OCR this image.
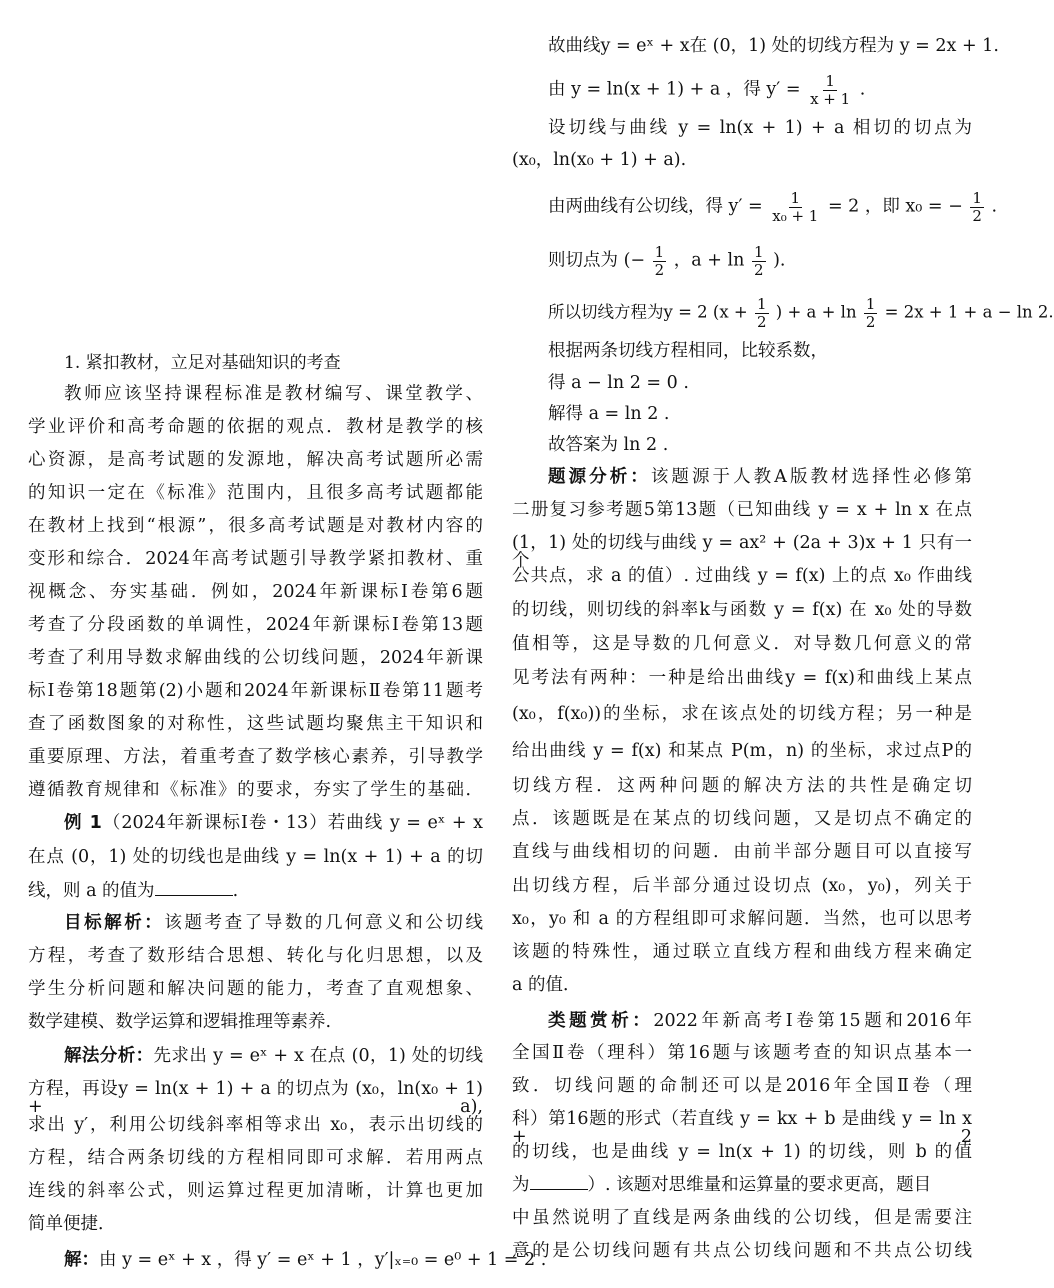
故曲线y = eˣ + x在 (0，1) 处的切线方程为 y = 2x + 1.
由 y = ln(x + 1) + a ，得 $y' = \frac{1}{x + 1}$ .
设切线与曲线 y = ln(x + 1) + a 相切的切点为
(x₀，ln(x₀ + 1) + a).
由两曲线有公切线，得 $y' = \frac{1}{\text{x₀ + 1}} = 2$ ，即 x₀ = − $\frac{1}{2}$ .
则切点为 (− $\frac{1}{2}$ ，$a + \ln \frac{1}{2}$ ).
所以切线方程为y = 2 ($x + \frac{1}{2}$ ) + $a + \ln \frac{1}{2} = 2x + 1 + a - \ln 2$.
根据两条切线方程相同，比较系数，
得 a − ln 2 = 0 .
解得 a = ln 2 .
故答案为 ln 2 .
题源分析：该题源于人教A版教材选择性必修第
二册复习参考题5第13题（已知曲线 y = x + ln x 在点
(1，1) 处的切线与曲线 y = ax² + (2a + 3)x + 1 只有一个
公共点，求 a 的值）. 过曲线 y = f(x) 上的点 x₀ 作曲线
的切线，则切线的斜率k与函数 y = f(x) 在 x₀ 处的导数
值相等，这是导数的几何意义．对导数几何意义的常
见考法有两种：一种是给出曲线y = f(x)和曲线上某点
(x₀，f(x₀))的坐标，求在该点处的切线方程；另一种是
给出曲线 y = f(x) 和某点 P(m，n) 的坐标，求过点P的
切线方程．这两种问题的解决方法的共性是确定切
点．该题既是在某点的切线问题，又是切点不确定的
直线与曲线相切的问题．由前半部分题目可以直接写
出切线方程，后半部分通过设切点 (x₀，y₀)，列关于
x₀，y₀ 和 a 的方程组即可求解问题．当然，也可以思考
该题的特殊性，通过联立直线方程和曲线方程来确定
a 的值．
类题赏析：2022年新高考Ⅰ卷第15题和2016年
全国Ⅱ卷（理科）第16题与该题考查的知识点基本一
致．切线问题的命制还可以是2016年全国Ⅱ卷（理
科）第16题的形式（若直线 y = kx + b 是曲线 y = ln x + 2
的切线，也是曲线 y = ln(x + 1) 的切线，则 b 的值
为	）. 该题对思维量和运算量的要求更高，题目
中虽然说明了直线是两条曲线的公切线，但是需要注
意的是公切线问题有共点公切线问题和不共点公切线
1. 紧扣教材，立足对基础知识的考查
教师应该坚持课程标准是教材编写、课堂教学、
学业评价和高考命题的依据的观点．教材是教学的核
心资源，是高考试题的发源地，解决高考试题所必需
的知识一定在《标准》范围内，且很多高考试题都能
在教材上找到“根源”，很多高考试题是对教材内容的
变形和综合．2024年高考试题引导教学紧扣教材、重
视概念、夯实基础．例如，2024年新课标Ⅰ卷第6题
考查了分段函数的单调性，2024年新课标Ⅰ卷第13题
考查了利用导数求解曲线的公切线问题，2024年新课
标Ⅰ卷第18题第(2)小题和2024年新课标Ⅱ卷第11题考
查了函数图象的对称性，这些试题均聚焦主干知识和
重要原理、方法，着重考查了数学核心素养，引导教学
遵循教育规律和《标准》的要求，夯实了学生的基础．
例 1（2024年新课标Ⅰ卷・13）若曲线 y = eˣ + x
在点 (0，1) 处的切线也是曲线 y = ln(x + 1) + a 的切
线，则 a 的值为	.
目标解析：该题考查了导数的几何意义和公切线
方程，考查了数形结合思想、转化与化归思想，以及
学生分析问题和解决问题的能力，考查了直观想象、
数学建模、数学运算和逻辑推理等素养.
解法分析：先求出 y = eˣ + x 在点 (0，1) 处的切线
方程，再设y = ln(x + 1) + a 的切点为 (x₀，ln(x₀ + 1) + a),
求出 y′，利用公切线斜率相等求出 x₀，表示出切线的
方程，结合两条切线的方程相同即可求解．若用两点
连线的斜率公式，则运算过程更加清晰，计算也更加
简单便捷．
解：由 y = eˣ + x ，得 y′ = eˣ + 1 ，y′|ₓ₌₀ = e⁰ + 1 = 2 .
